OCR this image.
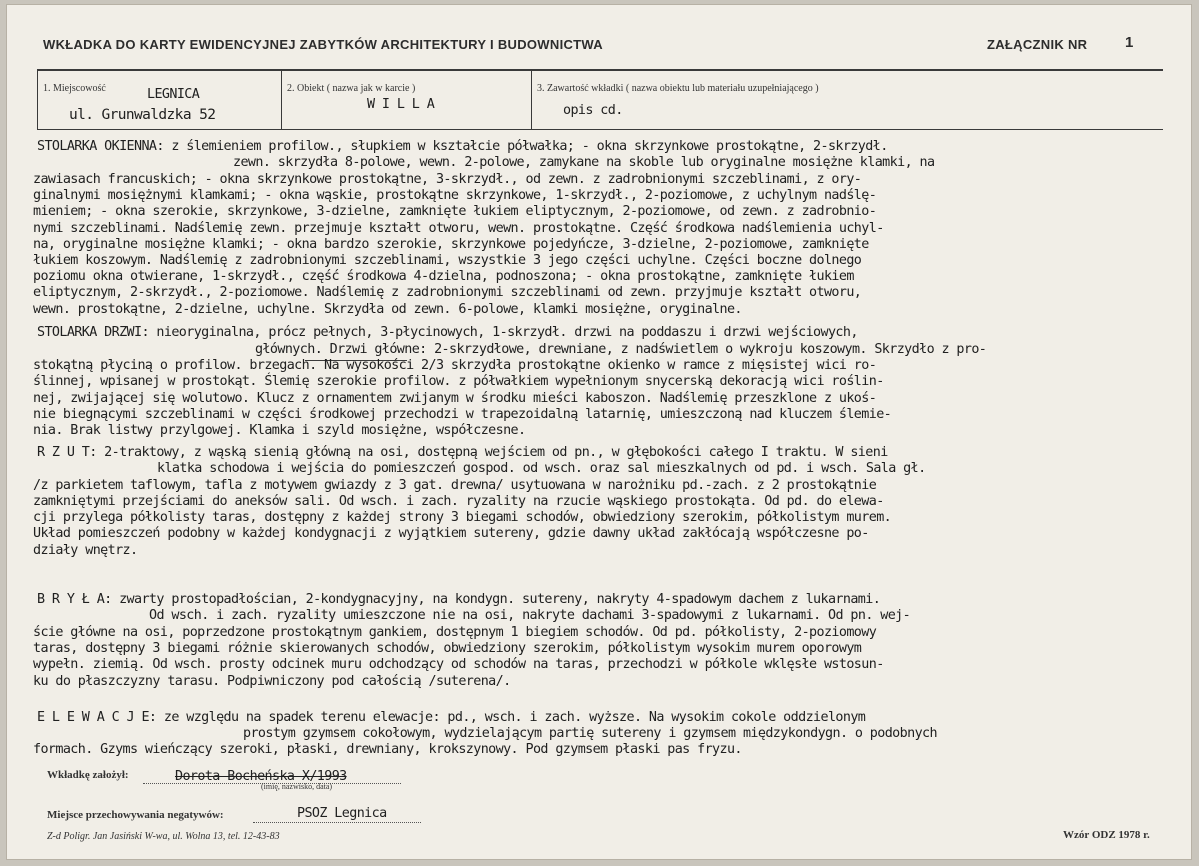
WKŁADKA DO KARTY EWIDENCYJNEJ ZABYTKÓW ARCHITEKTURY I BUDOWNICTWA	ZAŁĄCZNIK NR	1
1. Miejscowość	LEGNICA
ul. Grunwaldzka 52
2. Obiekt ( nazwa jak w karcie )
W I L L A
3. Zawartość wkładki ( nazwa obiektu lub materiału uzupełniającego )
opis cd.
STOLARKA OKIENNA: z ślemieniem profilow., słupkiem w kształcie półwałka; - okna skrzynkowe prostokątne, 2-skrzydł.
zewn. skrzydła 8-polowe, wewn. 2-polowe, zamykane na skoble lub oryginalne mosiężne klamki, na
zawiasach francuskich; - okna skrzynkowe prostokątne, 3-skrzydł., od zewn. z zadrobnionymi szczeblinami, z ory-
ginalnymi mosiężnymi klamkami; - okna wąskie, prostokątne skrzynkowe, 1-skrzydł., 2-poziomowe, z uchylnym nadślę-
mieniem; - okna szerokie, skrzynkowe, 3-dzielne, zamknięte łukiem eliptycznym, 2-poziomowe, od zewn. z zadrobnio-
nymi szczeblinami. Nadślemię zewn. przejmuje kształt otworu, wewn. prostokątne. Część środkowa nadślemienia uchyl-
na, oryginalne mosiężne klamki; - okna bardzo szerokie, skrzynkowe pojedyńcze, 3-dzielne, 2-poziomowe, zamknięte
łukiem koszowym. Nadślemię z zadrobnionymi szczeblinami, wszystkie 3 jego części uchylne. Części boczne dolnego
poziomu okna otwierane, 1-skrzydł., część środkowa 4-dzielna, podnoszona; - okna prostokątne, zamknięte łukiem
eliptycznym, 2-skrzydł., 2-poziomowe. Nadślemię z zadrobnionymi szczeblinami od zewn. przyjmuje kształt otworu,
wewn. prostokątne, 2-dzielne, uchylne. Skrzydła od zewn. 6-polowe, klamki mosiężne, oryginalne.
STOLARKA DRZWI: nieoryginalna, prócz pełnych, 3-płycinowych, 1-skrzydł. drzwi na poddaszu i drzwi wejściowych,
głównych. Drzwi główne: 2-skrzydłowe, drewniane, z nadświetlem o wykroju koszowym. Skrzydło z pro-
stokątną płyciną o profilow. brzegach. Na wysokości 2/3 skrzydła prostokątne okienko w ramce z mięsistej wici ro-
ślinnej, wpisanej w prostokąt. Ślemię szerokie profilow. z półwałkiem wypełnionym snycerską dekoracją wici roślin-
nej, zwijającej się wolutowo. Klucz z ornamentem zwijanym w środku mieści kaboszon. Nadślemię przeszklone z ukoś-
nie biegnącymi szczeblinami w części środkowej przechodzi w trapezoidalną latarnię, umieszczoną nad kluczem ślemie-
nia. Brak listwy przylgowej. Klamka i szyld mosiężne, współczesne.
R Z U T: 2-traktowy, z wąską sienią główną na osi, dostępną wejściem od pn., w głębokości całego I traktu. W sieni
klatka schodowa i wejścia do pomieszczeń gospod. od wsch. oraz sal mieszkalnych od pd. i wsch. Sala gł.
/z parkietem taflowym, tafla z motywem gwiazdy z 3 gat. drewna/ usytuowana w narożniku pd.-zach. z 2 prostokątnie
zamkniętymi przejściami do aneksów sali. Od wsch. i zach. ryzality na rzucie wąskiego prostokąta. Od pd. do elewa-
cji przylega półkolisty taras, dostępny z każdej strony 3 biegami schodów, obwiedziony szerokim, półkolistym murem.
Układ pomieszczeń podobny w każdej kondygnacji z wyjątkiem sutereny, gdzie dawny układ zakłócają współczesne po-
działy wnętrz.
B R Y Ł A: zwarty prostopadłościan, 2-kondygnacyjny, na kondygn. sutereny, nakryty 4-spadowym dachem z lukarnami.
Od wsch. i zach. ryzality umieszczone nie na osi, nakryte dachami 3-spadowymi z lukarnami. Od pn. wej-
ście główne na osi, poprzedzone prostokątnym gankiem, dostępnym 1 biegiem schodów. Od pd. półkolisty, 2-poziomowy
taras, dostępny 3 biegami różnie skierowanych schodów, obwiedziony szerokim, półkolistym wysokim murem oporowym
wypełn. ziemią. Od wsch. prosty odcinek muru odchodzący od schodów na taras, przechodzi w półkole wklęsłe wstosun-
ku do płaszczyzny tarasu. Podpiwniczony pod całością /suterena/.
E L E W A C J E: ze względu na spadek terenu elewacje: pd., wsch. i zach. wyższe. Na wysokim cokole oddzielonym
prostym gzymsem cokołowym, wydzielającym partię sutereny i gzymsem międzykondygn. o podobnych
formach. Gzyms wieńczący szeroki, płaski, drewniany, krokszynowy. Pod gzymsem płaski pas fryzu.
Wkładkę założył:	Dorota Bocheńska X/1993
(imię, nazwisko, data)
Miejsce przechowywania negatywów:	PSOZ Legnica
Z-d Poligr. Jan Jasiński W-wa, ul. Wolna 13, tel. 12-43-83	Wzór ODZ 1978 r.
